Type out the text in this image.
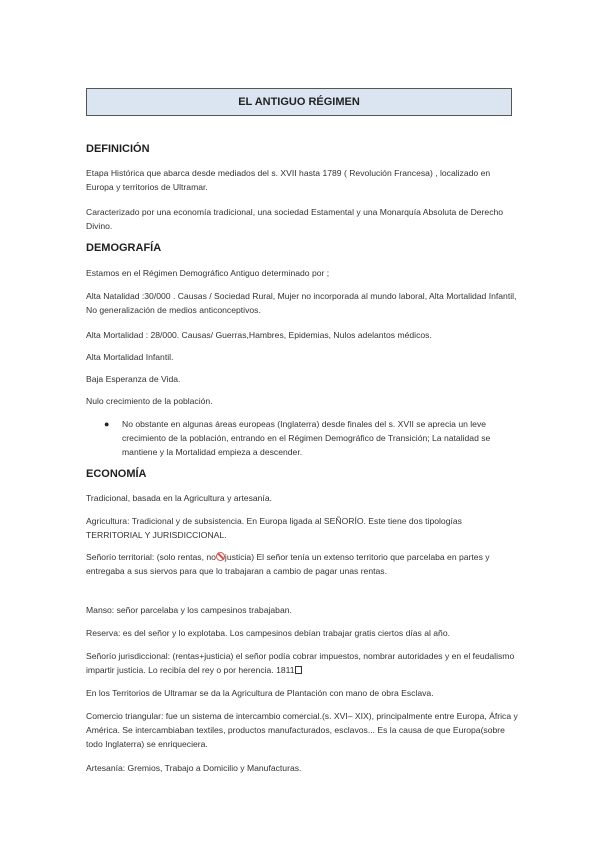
EL ANTIGUO RÉGIMEN
DEFINICIÓN
Etapa Histórica que abarca desde mediados del s. XVII hasta 1789 ( Revolución Francesa) , localizado en Europa y territorios de Ultramar.
Caracterizado por una economía tradicional, una sociedad Estamental y una Monarquía Absoluta de Derecho Divino.
DEMOGRAFÍA
Estamos en el Régimen Demográfico Antiguo determinado por ;
Alta Natalidad :30/000 . Causas / Sociedad Rural, Mujer no incorporada al mundo laboral, Alta Mortalidad Infantil, No generalización de medios anticonceptivos.
Alta Mortalidad : 28/000. Causas/ Guerras,Hambres, Epidemias, Nulos adelantos médicos.
Alta Mortalidad Infantil.
Baja Esperanza de Vida.
Nulo crecimiento de la población.
● No obstante en algunas áreas europeas (Inglaterra) desde finales del s. XVII se aprecia un leve crecimiento de la población, entrando en el Régimen Demográfico de Transición; La natalidad se mantiene y la Mortalidad empieza a descender.
ECONOMÍA
Tradicional, basada en la Agricultura y artesanía.
Agricultura: Tradicional y de subsistencia. En Europa ligada al SEÑORÍO. Este tiene dos tipologías TERRITORIAL Y JURISDICCIONAL.
Señorío territorial: (solo rentas, no justicia) El señor tenía un extenso territorio que parcelaba en partes y entregaba a sus siervos para que lo trabajaran a cambio de pagar unas rentas.
Manso: señor parcelaba y los campesinos trabajaban.
Reserva: es del señor y lo explotaba. Los campesinos debían trabajar gratis ciertos días al año.
Señorío jurisdiccional: (rentas+justicia) el señor podía cobrar impuestos, nombrar autoridades y en el feudalismo impartir justicia. Lo recibía del rey o por herencia. 1811
En los Territorios de Ultramar se da la Agricultura de Plantación con mano de obra Esclava.
Comercio triangular: fue un sistema de intercambio comercial.(s. XVI– XIX), principalmente entre Europa, África y América. Se intercambiaban textiles, productos manufacturados, esclavos... Es la causa de que Europa(sobre todo Inglaterra) se enriqueciera.
Artesanía: Gremios, Trabajo a Domicilio y Manufacturas.
